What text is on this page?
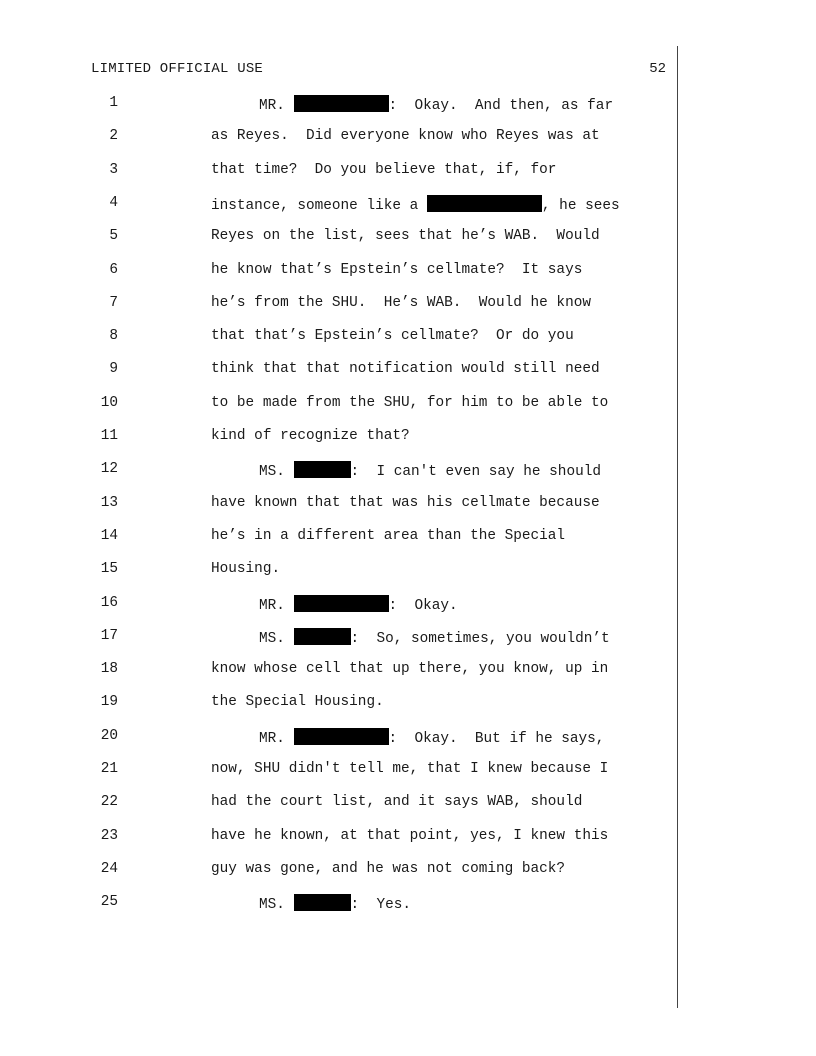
LIMITED OFFICIAL USE	52
1	MR.	:  Okay.  And then, as far
2	as Reyes.  Did everyone know who Reyes was at
3	that time?  Do you believe that, if, for
4	instance, someone like a	, he sees
5	Reyes on the list, sees that he’s WAB.  Would
6	he know that’s Epstein’s cellmate?  It says
7	he’s from the SHU.  He’s WAB.  Would he know
8	that that’s Epstein’s cellmate?  Or do you
9	think that that notification would still need
10	to be made from the SHU, for him to be able to
11	kind of recognize that?
12	MS.	:  I can't even say he should
13	have known that that was his cellmate because
14	he’s in a different area than the Special
15	Housing.
16	MR.	:  Okay.
17	MS.	:  So, sometimes, you wouldn’t
18	know whose cell that up there, you know, up in
19	the Special Housing.
20	MR.	:  Okay.  But if he says,
21	now, SHU didn't tell me, that I knew because I
22	had the court list, and it says WAB, should
23	have he known, at that point, yes, I knew this
24	guy was gone, and he was not coming back?
25	MS.	:  Yes.
